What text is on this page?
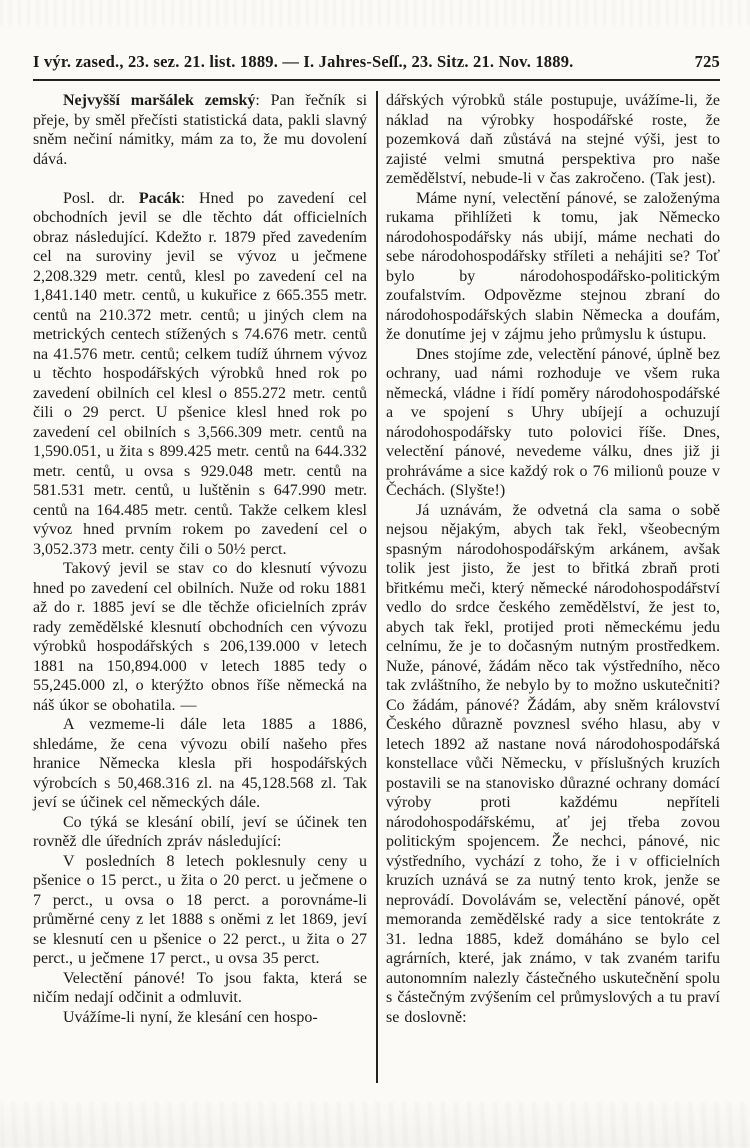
I výr. zased., 23. sez. 21. list. 1889. — I. Jahres-Seſſ., 23. Sitz. 21. Nov. 1889.	725

Nejvyšší maršálek zemský: Pan řečník si přeje, by směl přečísti statistická data, pakli slavný sněm nečiní námitky, mám za to, že mu dovolení dává.

Posl. dr. Pacák: Hned po zavedení cel obchodních jevil se dle těchto dát officielních obraz následující. Kdežto r. 1879 před zavedením cel na suroviny jevil se vývoz u ječmene 2,208.329 metr. centů, klesl po zavedení cel na 1,841.140 metr. centů, u kukuřice z 665.355 metr. centů na 210.372 metr. centů; u jiných clem na metrických centech stížených s 74.676 metr. centů na 41.576 metr. centů; celkem tudíž úhrnem vývoz u těchto hospodářských výrobků hned rok po zavedení obilních cel klesl o 855.272 metr. centů čili o 29 perct. U pšenice klesl hned rok po zavedení cel obilních s 3,566.309 metr. centů na 1,590.051, u žita s 899.425 metr. centů na 644.332 metr. centů, u ovsa s 929.048 metr. centů na 581.531 metr. centů, u luštěnin s 647.990 metr. centů na 164.485 metr. centů. Takže celkem klesl vývoz hned prvním rokem po zavedení cel o 3,052.373 metr. centy čili o 50½ perct.

Takový jevil se stav co do klesnutí vývozu hned po zavedení cel obilních. Nuže od roku 1881 až do r. 1885 jeví se dle těchže oficielních zpráv rady zemědělské klesnutí obchodních cen vývozu výrobků hospodářských s 206,139.000 v letech 1881 na 150,894.000 v letech 1885 tedy o 55,245.000 zl, o kterýžto obnos říše německá na náš úkor se obohatila. —

A vezmeme-li dále leta 1885 a 1886, shledáme, že cena vývozu obilí našeho přes hranice Německa klesla při hospodářských výrobcích s 50,468.316 zl. na 45,128.568 zl. Tak jeví se účinek cel německých dále.

Co týká se klesání obilí, jeví se účinek ten rovněž dle úředních zpráv následující:

V posledních 8 letech poklesnuly ceny u pšenice o 15 perct., u žita o 20 perct. u ječmene o 7 perct., u ovsa o 18 perct. a porovnáme-li průměrné ceny z let 1888 s oněmi z let 1869, jeví se klesnutí cen u pšenice o 22 perct., u žita o 27 perct., u ječmene 17 perct., u ovsa 35 perct.

Velectění pánové! To jsou fakta, která se ničím nedají odčinit a odmluvit.

Uvážíme-li nyní, že klesání cen hospo-

dářských výrobků stále postupuje, uvážíme-li, že náklad na výrobky hospodářské roste, že pozemková daň zůstává na stejné výši, jest to zajisté velmi smutná perspektiva pro naše zemědělství, nebude-li v čas zakročeno. (Tak jest).

Máme nyní, velectění pánové, se založenýma rukama přihlížeti k tomu, jak Německo národohospodářsky nás ubijí, máme nechati do sebe národohospodářsky stříleti a nehájiti se? Toť bylo by národohospodářsko-politickým zoufalstvím. Odpovězme stejnou zbraní do národohospodářských slabin Německa a doufám, že donutíme jej v zájmu jeho průmyslu k ústupu.

Dnes stojíme zde, velectění pánové, úplně bez ochrany, uad námi rozhoduje ve všem ruka německá, vládne i řídí poměry národohospodářské a ve spojení s Uhry ubíjejí a ochuzují národohospodářsky tuto polovici říše. Dnes, velectění pánové, nevedeme válku, dnes již ji prohráváme a sice každý rok o 76 milionů pouze v Čechách. (Slyšte!)

Já uznávám, že odvetná cla sama o sobě nejsou nějakým, abych tak řekl, všeobecným spasným národohospodářským arkánem, avšak tolik jest jisto, že jest to břitká zbraň proti břitkému meči, který německé národohospodářství vedlo do srdce českého zemědělství, že jest to, abych tak řekl, protijed proti německému jedu celnímu, že je to dočasným nutným prostředkem. Nuže, pánové, žádám něco tak výstředního, něco tak zvláštního, že nebylo by to možno uskutečniti? Co žádám, pánové? Žádám, aby sněm království Českého důrazně povznesl svého hlasu, aby v letech 1892 až nastane nová národohospodářská konstellace vůči Německu, v příslušných kruzích postavili se na stanovisko důrazné ochrany domácí výroby proti každému nepříteli národohospodářskému, ať jej třeba zovou politickým spojencem. Že nechci, pánové, nic výstředního, vychází z toho, že i v officielních kruzích uznává se za nutný tento krok, jenže se neprovádí. Dovolávám se, velectění pánové, opět memoranda zemědělské rady a sice tentokráte z 31. ledna 1885, kdež domáháno se bylo cel agrárních, které, jak známo, v tak zvaném tarifu autonomním nalezly částečného uskutečnění spolu s částečným zvýšením cel průmyslových a tu praví se doslovně:
